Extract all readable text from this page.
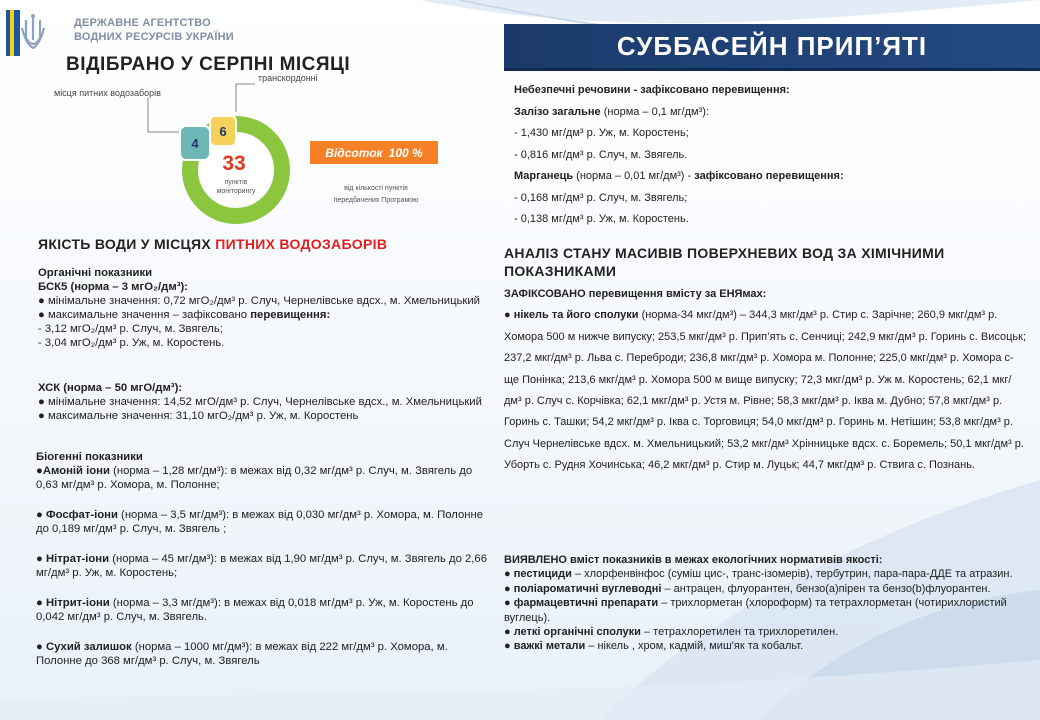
ДЕРЖАВНЕ АГЕНТСТВО
ВОДНИХ РЕСУРСІВ УКРАЇНИ	СУББАСЕЙН ПРИП’ЯТІ
ВІДІБРАНО У СЕРПНІ МІСЯЦІ
місця питних водозаборів
транскордонні
4
6
33
пунктів
моніторингу
Відсоток 100 %
від кількості пунктів
передбачених Програмою
ЯКІСТЬ ВОДИ У МІСЦЯХ ПИТНИХ ВОДОЗАБОРІВ
Органічні показники
БСК5 (норма – 3 мгО₂/дм³):
● мінімальне значення: 0,72 мгО₂/дм³ р. Случ, Чернелівське вдсх., м. Хмельницький
● максимальне значення – зафіксовано перевищення:
- 3,12 мгО₂/дм³ р. Случ, м. Звягель;
- 3,04 мгО₂/дм³ р. Уж, м. Коростень.
ХСК (норма – 50 мгО/дм³):
● мінімальне значення: 14,52 мгО/дм³ р. Случ, Чернелівське вдсх., м. Хмельницький
● максимальне значення: 31,10 мгО₂/дм³ р. Уж, м. Коростень
Біогенні показники
●Амоній іони (норма – 1,28 мг/дм³): в межах від 0,32 мг/дм³ р. Случ, м. Звягель до 0,63 мг/дм³ р. Хомора, м. Полонне;
● Фосфат-іони (норма – 3,5 мг/дм³): в межах від 0,030 мг/дм³ р. Хомора, м. Полонне до 0,189 мг/дм³ р. Случ, м. Звягель ;
● Нітрат-іони (норма – 45 мг/дм³): в межах від 1,90 мг/дм³ р. Случ, м. Звягель до 2,66 мг/дм³ р. Уж, м. Коростень;
● Нітрит-іони (норма – 3,3 мг/дм³): в межах від 0,018 мг/дм³ р. Уж, м. Коростень до 0,042 мг/дм³ р. Случ, м. Звягель.
● Сухий залишок (норма – 1000 мг/дм³): в межах від 222 мг/дм³ р. Хомора, м. Полонне до 368 мг/дм³ р. Случ, м. Звягель
Небезпечні речовини - зафіксовано перевищення:
Залізо загальне (норма – 0,1 мг/дм³):
- 1,430 мг/дм³ р. Уж, м. Коростень;
- 0,816 мг/дм³ р. Случ, м. Звягель.
Марганець (норма – 0,01 мг/дм³) - зафіксовано перевищення:
- 0,168 мг/дм³ р. Случ, м. Звягель;
- 0,138 мг/дм³ р. Уж, м. Коростень.
АНАЛІЗ СТАНУ МАСИВІВ ПОВЕРХНЕВИХ ВОД ЗА ХІМІЧНИМИ ПОКАЗНИКАМИ
ЗАФІКСОВАНО перевищення вмісту за ЕНЯмах:
● нікель та його сполуки (норма-34 мкг/дм³) – 344,3 мкг/дм³ р. Стир с. Зарічне; 260,9 мкг/дм³ р. Хомора 500 м нижче випуску; 253,5 мкг/дм³ р. Прип’ять с. Сенчиці; 242,9 мкг/дм³ р. Горинь с. Висоцьк; 237,2 мкг/дм³ р. Льва с. Переброди; 236,8 мкг/дм³ р. Хомора м. Полонне; 225,0 мкг/дм³ р. Хомора с-ще Понінка; 213,6 мкг/дм³ р. Хомора 500 м вище випуску; 72,3 мкг/дм³ р. Уж м. Коростень; 62,1 мкг/дм³ р. Случ с. Корчівка; 62,1 мкг/дм³ р. Устя м. Рівне; 58,3 мкг/дм³ р. Іква м. Дубно; 57,8 мкг/дм³ р. Горинь с. Ташки; 54,2 мкг/дм³ р. Іква с. Торговиця; 54,0 мкг/дм³ р. Горинь м. Нетішин; 53,8 мкг/дм³ р. Случ Чернелівське вдсх. м. Хмельницький; 53,2 мкг/дм³ Хрінницьке вдсх. с. Боремель; 50,1 мкг/дм³ р. Уборть с. Рудня Хочинська; 46,2 мкг/дм³ р. Стир м. Луцьк; 44,7 мкг/дм³ р. Ствига с. Познань.
ВИЯВЛЕНО вміст показників в межах екологічних нормативів якості:
● пестициди – хлорфенвінфос (суміш цис-, транс-ізомерів), тербутрин, пара-пара-ДДЕ та атразин.
● поліароматичні вуглеводні – антрацен, флуорантен, бензо(а)пірен та бензо(b)флуорантен.
● фармацевтичні препарати – трихлорметан (хлороформ) та тетрахлорметан (чотирихлористий вуглець).
● леткі органічні сполуки – тетрахлоретилен та трихлоретилен.
● важкі метали – нікель , хром, кадмій, миш'як та кобальт.
